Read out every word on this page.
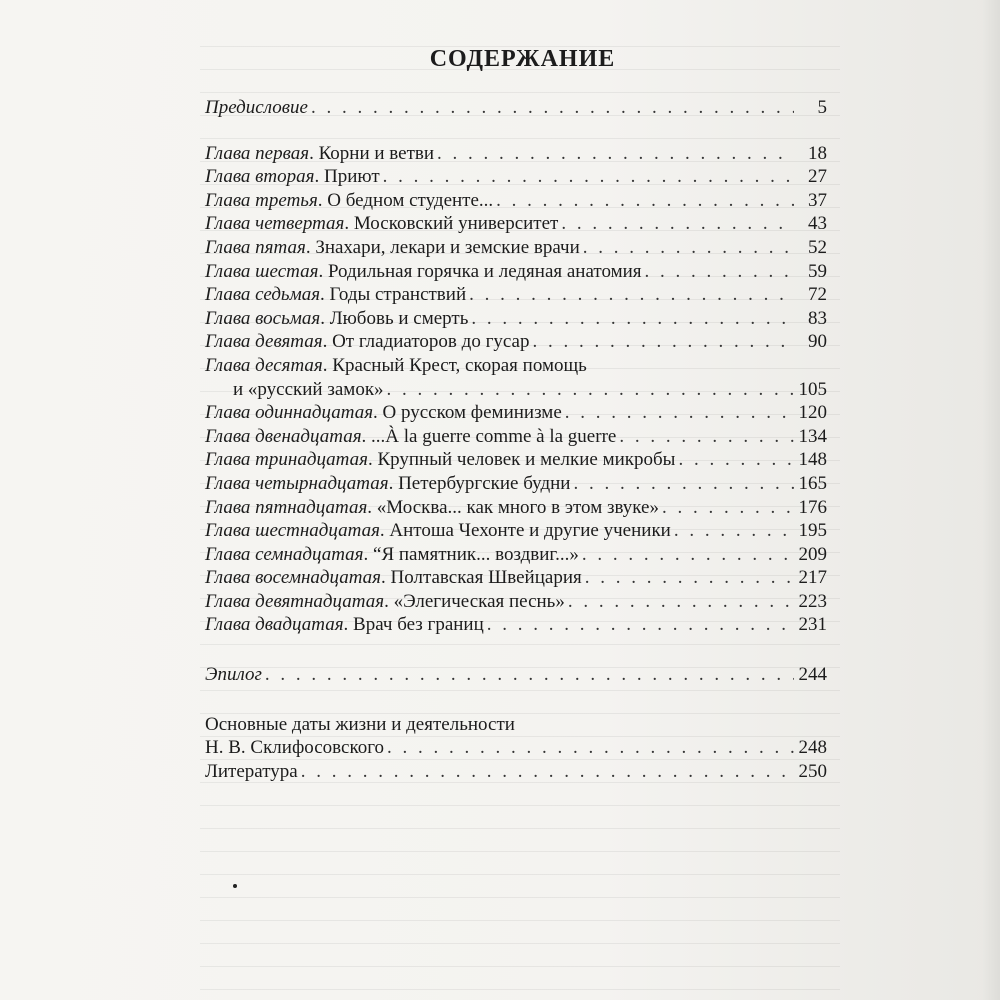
СОДЕРЖАНИЕ
Предисловие . . .	5
Глава первая. Корни и ветви . . .	18
Глава вторая. Приют . . .	27
Глава третья. О бедном студенте... . . .	37
Глава четвертая. Московский университет . . .	43
Глава пятая. Знахари, лекари и земские врачи . . .	52
Глава шестая. Родильная горячка и ледяная анатомия . . .	59
Глава седьмая. Годы странствий . . .	72
Глава восьмая. Любовь и смерть . . .	83
Глава девятая. От гладиаторов до гусар . . .	90
Глава десятая. Красный Крест, скорая помощь
и «русский замок» . . .	105
Глава одиннадцатая. О русском феминизме . . .	120
Глава двенадцатая. ...À la guerre comme à la guerre . . .	134
Глава тринадцатая. Крупный человек и мелкие микробы . . .	148
Глава четырнадцатая. Петербургские будни . . .	165
Глава пятнадцатая. «Москва... как много в этом звуке» . . .	176
Глава шестнадцатая. Антоша Чехонте и другие ученики . . .	195
Глава семнадцатая. “Я памятник... воздвиг...» . . .	209
Глава восемнадцатая. Полтавская Швейцария . . .	217
Глава девятнадцатая. «Элегическая песнь» . . .	223
Глава двадцатая. Врач без границ . . .	231
Эпилог . . .	244
Основные даты жизни и деятельности
Н. В. Склифосовского . . .	248
Литература . . .	250
